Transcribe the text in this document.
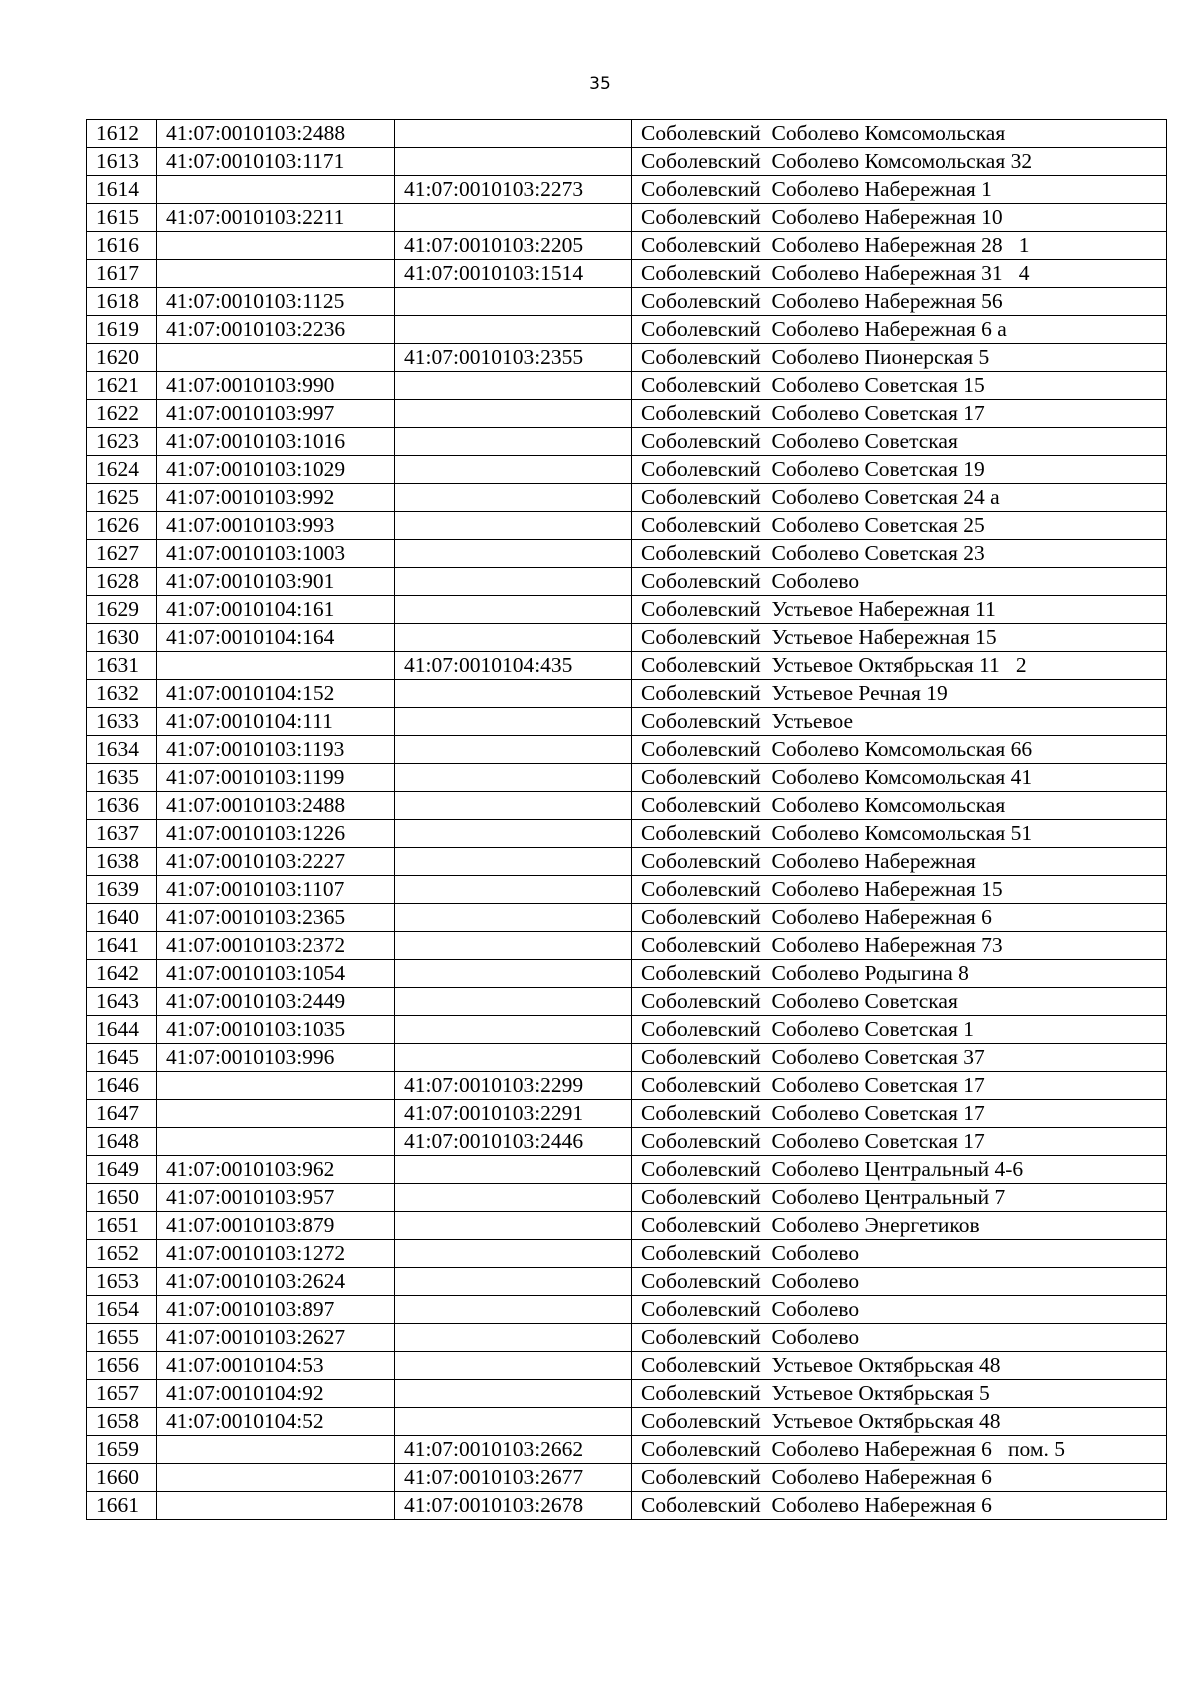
35
1612	41:07:0010103:2488		Соболевский  Соболево Комсомольская
1613	41:07:0010103:1171		Соболевский  Соболево Комсомольская 32
1614		41:07:0010103:2273	Соболевский  Соболево Набережная 1
1615	41:07:0010103:2211		Соболевский  Соболево Набережная 10
1616		41:07:0010103:2205	Соболевский  Соболево Набережная 28   1
1617		41:07:0010103:1514	Соболевский  Соболево Набережная 31   4
1618	41:07:0010103:1125		Соболевский  Соболево Набережная 56
1619	41:07:0010103:2236		Соболевский  Соболево Набережная 6 а
1620		41:07:0010103:2355	Соболевский  Соболево Пионерская 5
1621	41:07:0010103:990		Соболевский  Соболево Советская 15
1622	41:07:0010103:997		Соболевский  Соболево Советская 17
1623	41:07:0010103:1016		Соболевский  Соболево Советская
1624	41:07:0010103:1029		Соболевский  Соболево Советская 19
1625	41:07:0010103:992		Соболевский  Соболево Советская 24 а
1626	41:07:0010103:993		Соболевский  Соболево Советская 25
1627	41:07:0010103:1003		Соболевский  Соболево Советская 23
1628	41:07:0010103:901		Соболевский  Соболево
1629	41:07:0010104:161		Соболевский  Устьевое Набережная 11
1630	41:07:0010104:164		Соболевский  Устьевое Набережная 15
1631		41:07:0010104:435	Соболевский  Устьевое Октябрьская 11   2
1632	41:07:0010104:152		Соболевский  Устьевое Речная 19
1633	41:07:0010104:111		Соболевский  Устьевое
1634	41:07:0010103:1193		Соболевский  Соболево Комсомольская 66
1635	41:07:0010103:1199		Соболевский  Соболево Комсомольская 41
1636	41:07:0010103:2488		Соболевский  Соболево Комсомольская
1637	41:07:0010103:1226		Соболевский  Соболево Комсомольская 51
1638	41:07:0010103:2227		Соболевский  Соболево Набережная
1639	41:07:0010103:1107		Соболевский  Соболево Набережная 15
1640	41:07:0010103:2365		Соболевский  Соболево Набережная 6
1641	41:07:0010103:2372		Соболевский  Соболево Набережная 73
1642	41:07:0010103:1054		Соболевский  Соболево Родыгина 8
1643	41:07:0010103:2449		Соболевский  Соболево Советская
1644	41:07:0010103:1035		Соболевский  Соболево Советская 1
1645	41:07:0010103:996		Соболевский  Соболево Советская 37
1646		41:07:0010103:2299	Соболевский  Соболево Советская 17
1647		41:07:0010103:2291	Соболевский  Соболево Советская 17
1648		41:07:0010103:2446	Соболевский  Соболево Советская 17
1649	41:07:0010103:962		Соболевский  Соболево Центральный 4-6
1650	41:07:0010103:957		Соболевский  Соболево Центральный 7
1651	41:07:0010103:879		Соболевский  Соболево Энергетиков
1652	41:07:0010103:1272		Соболевский  Соболево
1653	41:07:0010103:2624		Соболевский  Соболево
1654	41:07:0010103:897		Соболевский  Соболево
1655	41:07:0010103:2627		Соболевский  Соболево
1656	41:07:0010104:53		Соболевский  Устьевое Октябрьская 48
1657	41:07:0010104:92		Соболевский  Устьевое Октябрьская 5
1658	41:07:0010104:52		Соболевский  Устьевое Октябрьская 48
1659		41:07:0010103:2662	Соболевский  Соболево Набережная 6   пом. 5
1660		41:07:0010103:2677	Соболевский  Соболево Набережная 6
1661		41:07:0010103:2678	Соболевский  Соболево Набережная 6
